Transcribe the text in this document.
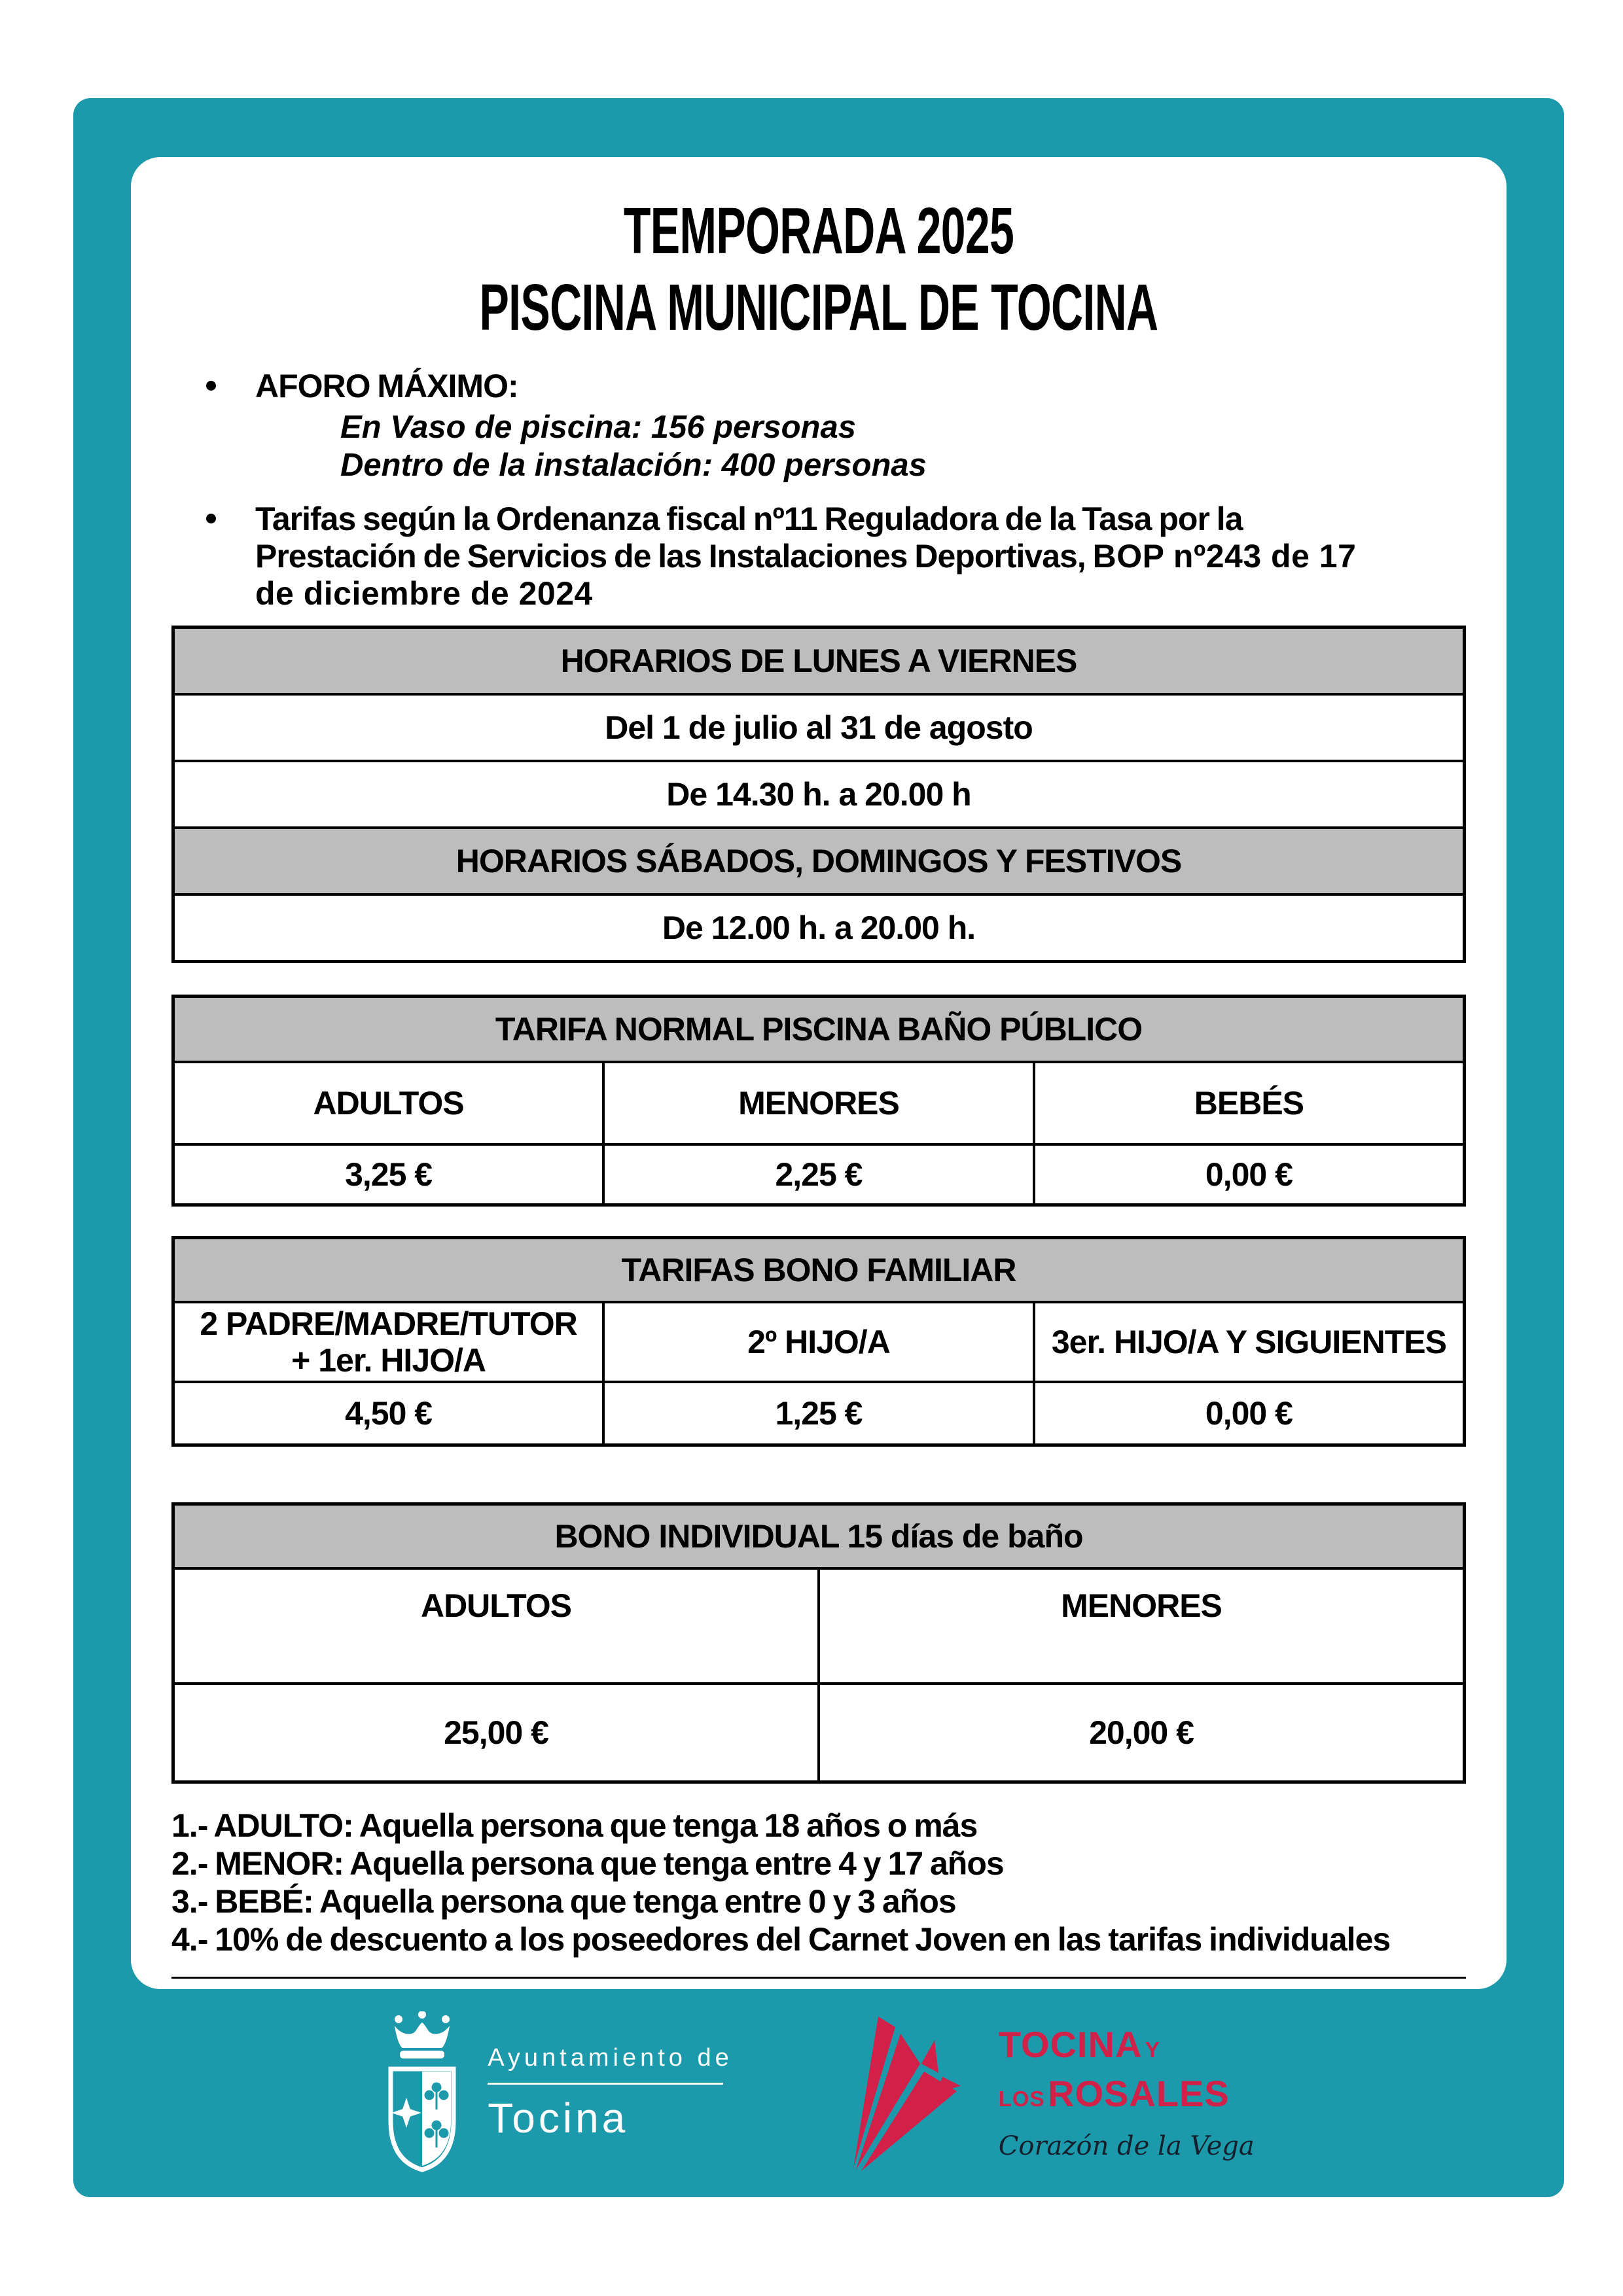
TEMPORADA 2025
PISCINA MUNICIPAL DE TOCINA
AFORO MÁXIMO:
En Vaso de piscina: 156 personas
Dentro de la instalación: 400 personas
Tarifas según la Ordenanza fiscal nº11 Reguladora de la Tasa por la Prestación de Servicios de las Instalaciones Deportivas, BOP nº243 de 17 de diciembre de 2024
HORARIOS DE LUNES A VIERNES
Del 1 de julio al 31 de agosto
De 14.30 h. a 20.00 h
HORARIOS SÁBADOS, DOMINGOS Y FESTIVOS
De 12.00 h. a 20.00 h.
TARIFA NORMAL PISCINA BAÑO PÚBLICO		
ADULTOS	MENORES	BEBÉS
3,25 €	2,25 €	0,00 €
TARIFAS BONO FAMILIAR		
2 PADRE/MADRE/TUTOR + 1er. HIJO/A	2º HIJO/A	3er. HIJO/A Y SIGUIENTES
4,50 €	1,25 €	0,00 €
BONO INDIVIDUAL 15 días de baño	
ADULTOS	MENORES
25,00 €	20,00 €
1.- ADULTO: Aquella persona que tenga 18 años o más
2.- MENOR: Aquella persona que tenga entre 4 y 17 años
3.- BEBÉ: Aquella persona que tenga entre 0 y 3 años
4.- 10% de descuento a los poseedores del Carnet Joven en las tarifas individuales
Ayuntamiento de
Tocina
TOCINA Y
LOS ROSALES
Corazón de la Vega
